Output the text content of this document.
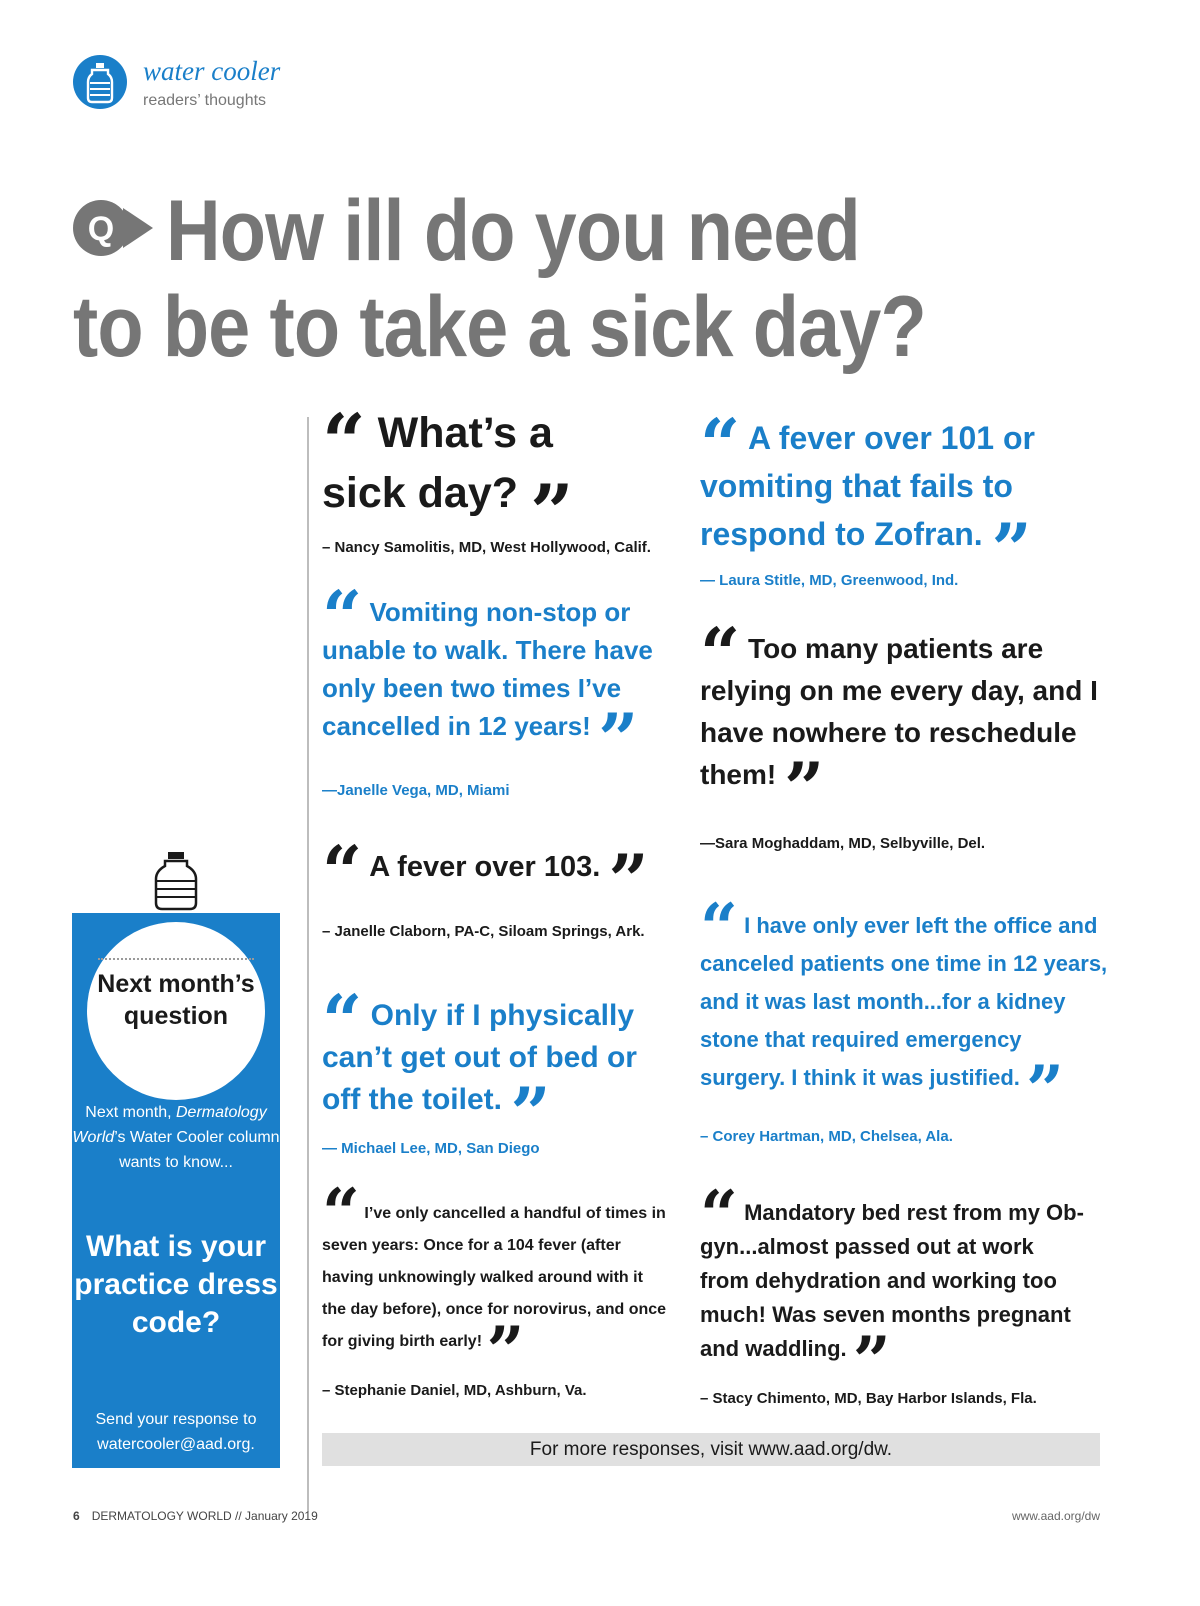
water cooler
readers’ thoughts
Q How ill do you need
to be to take a sick day?
“ What’s a sick day? ”
– Nancy Samolitis, MD, West Hollywood, Calif.
“ Vomiting non-stop or unable to walk. There have only been two times I’ve cancelled in 12 years! ”
—Janelle Vega, MD, Miami
“ A fever over 103. ”
– Janelle Claborn, PA-C, Siloam Springs, Ark.
“ Only if I physically can’t get out of bed or off the toilet. ”
— Michael Lee, MD, San Diego
“ I’ve only cancelled a handful of times in seven years: Once for a 104 fever (after having unknowingly walked around with it the day before), once for norovirus, and once for giving birth early! ”
– Stephanie Daniel, MD, Ashburn, Va.
“ A fever over 101 or vomiting that fails to respond to Zofran. ”
— Laura Stitle, MD, Greenwood, Ind.
“ Too many patients are relying on me every day, and I have nowhere to reschedule them! ”
—Sara Moghaddam, MD, Selbyville, Del.
“ I have only ever left the office and canceled patients one time in 12 years, and it was last month...for a kidney stone that required emergency surgery. I think it was justified. ”
– Corey Hartman, MD, Chelsea, Ala.
“ Mandatory bed rest from my Ob-gyn...almost passed out at work from dehydration and working too much! Was seven months pregnant and waddling. ”
– Stacy Chimento, MD, Bay Harbor Islands, Fla.
Next month’s question
Next month, Dermatology World’s Water Cooler column wants to know...
What is your practice dress code?
Send your response to watercooler@aad.org.	For more responses, visit www.aad.org/dw.
6 DERMATOLOGY WORLD // January 2019	www.aad.org/dw
